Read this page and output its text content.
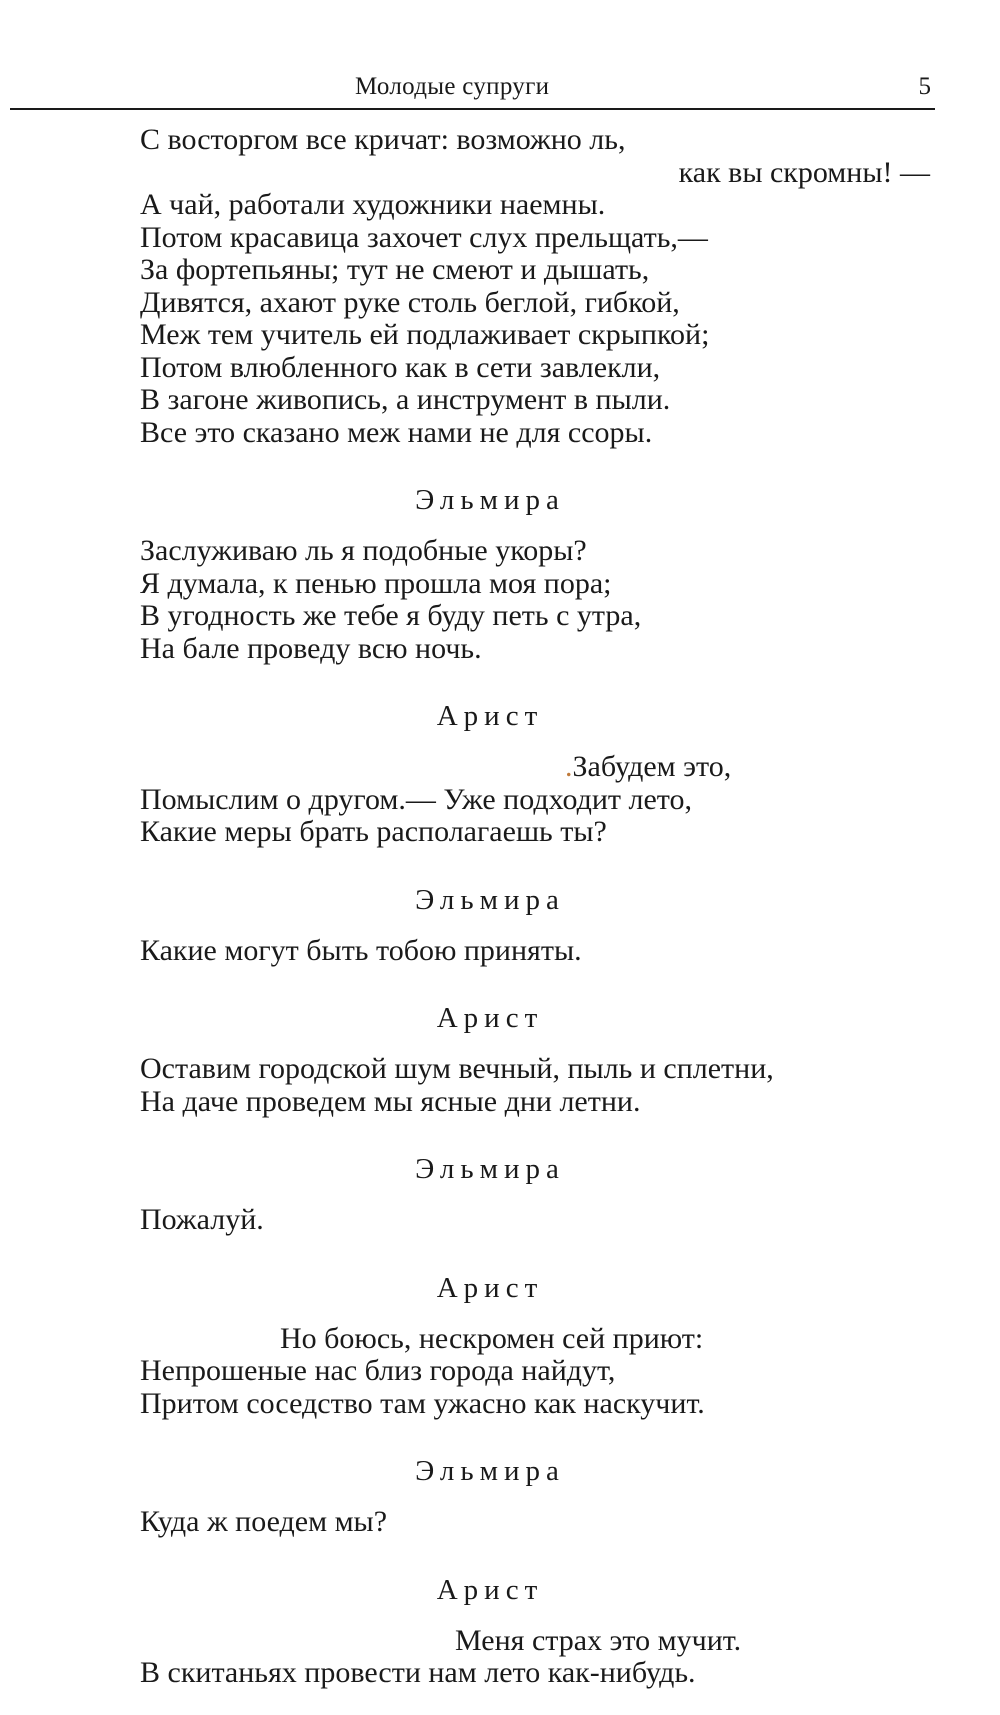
Молодые супруги	5
С восторгом все кричат: возможно ль,
как вы скромны! —
А чай, работали художники наемны.
Потом красавица захочет слух прельщать,—
За фортепьяны; тут не смеют и дышать,
Дивятся, ахают руке столь беглой, гибкой,
Меж тем учитель ей подлаживает скрыпкой;
Потом влюбленного как в сети завлекли,
В загоне живопись, а инструмент в пыли.
Все это сказано меж нами не для ссоры.
Эльмира
Заслуживаю ль я подобные укоры?
Я думала, к пенью прошла моя пора;
В угодность же тебе я буду петь с утра,
На бале проведу всю ночь.
Арист
.Забудем это,
Помыслим о другом.— Уже подходит лето,
Какие меры брать располагаешь ты?
Эльмира
Какие могут быть тобою приняты.
Арист
Оставим городской шум вечный, пыль и сплетни,
На даче проведем мы ясные дни летни.
Эльмира
Пожалуй.
Арист
Но боюсь, нескромен сей приют:
Непрошеные нас близ города найдут,
Притом соседство там ужасно как наскучит.
Эльмира
Куда ж поедем мы?
Арист
Меня страх это мучит.
В скитаньях провести нам лето как-нибудь.
